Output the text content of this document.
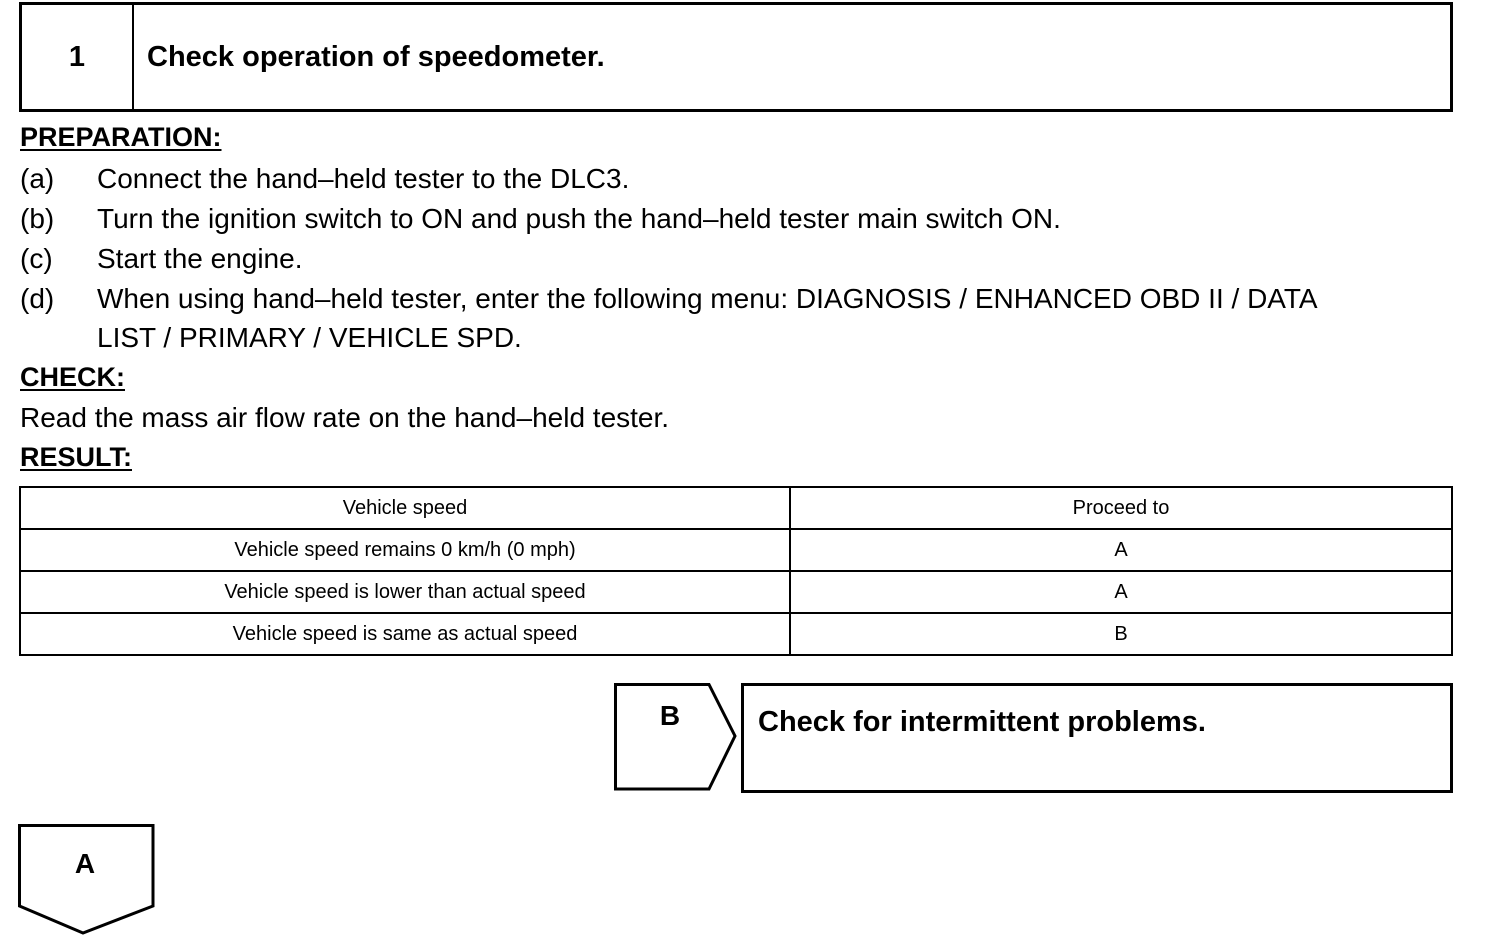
1	Check operation of speedometer.
PREPARATION:
(a) Connect the hand–held tester to the DLC3.
(b) Turn the ignition switch to ON and push the hand–held tester main switch ON.
(c) Start the engine.
(d) When using hand–held tester, enter the following menu: DIAGNOSIS / ENHANCED OBD II / DATA
LIST / PRIMARY / VEHICLE SPD.
CHECK:
Read the mass air flow rate on the hand–held tester.
RESULT:
Vehicle speed	Proceed to
Vehicle speed remains 0 km/h (0 mph)	A
Vehicle speed is lower than actual speed	A
Vehicle speed is same as actual speed	B
B	Check for intermittent problems.
A
